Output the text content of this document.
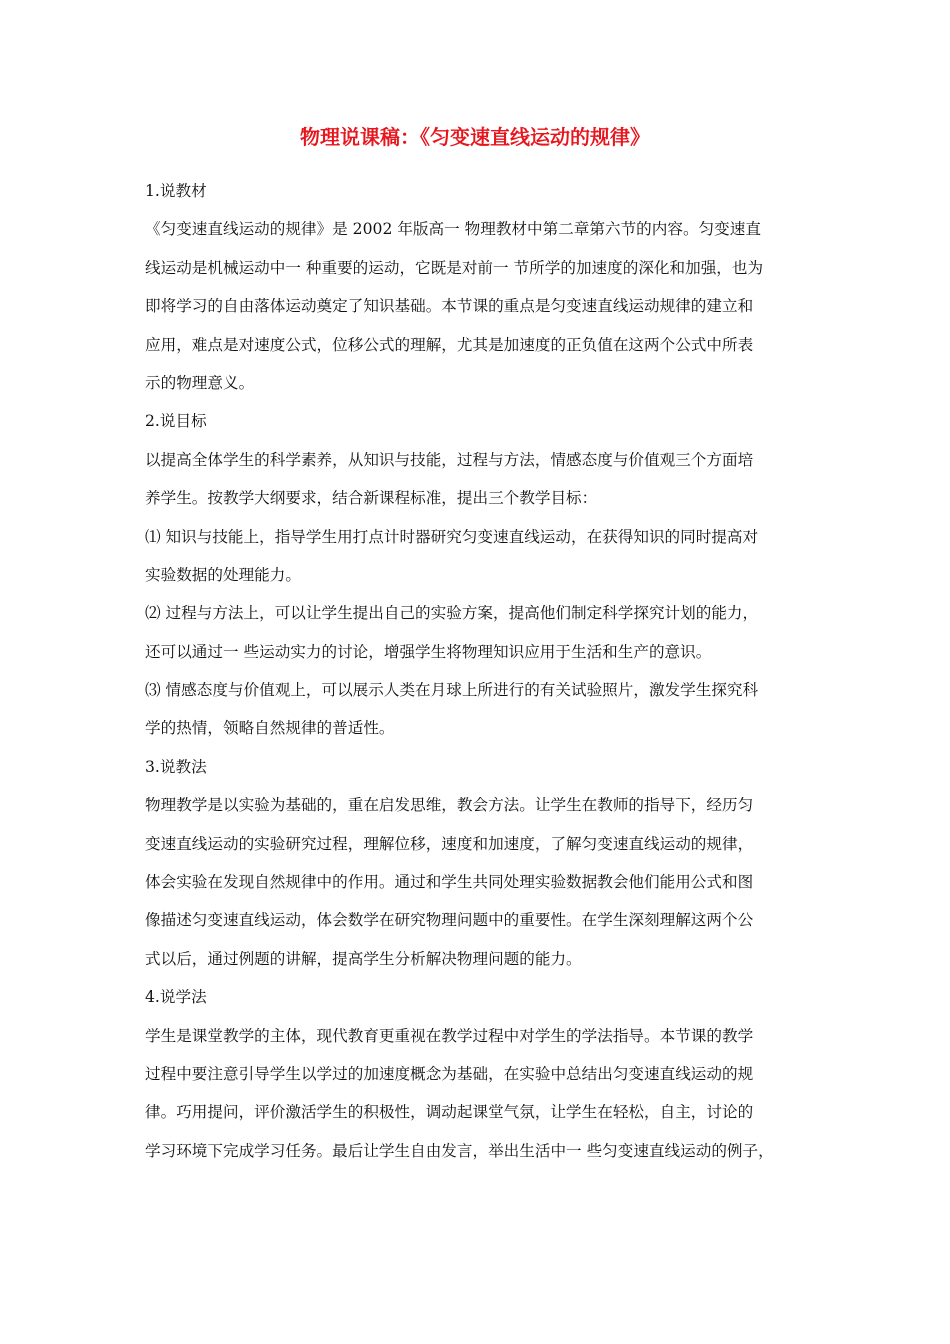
物理说课稿：《匀变速直线运动的规律》
1.说教材
《匀变速直线运动的规律》是 2002 年版高一 物理教材中第二章第六节的内容。匀变速直
线运动是机械运动中一 种重要的运动，它既是对前一 节所学的加速度的深化和加强，也为
即将学习的自由落体运动奠定了知识基础。本节课的重点是匀变速直线运动规律的建立和
应用，难点是对速度公式，位移公式的理解，尤其是加速度的正负值在这两个公式中所表
示的物理意义。
2.说目标
以提高全体学生的科学素养，从知识与技能，过程与方法，情感态度与价值观三个方面培
养学生。按教学大纲要求，结合新课程标准，提出三个教学目标：
⑴ 知识与技能上，指导学生用打点计时器研究匀变速直线运动，在获得知识的同时提高对
实验数据的处理能力。
⑵ 过程与方法上，可以让学生提出自己的实验方案，提高他们制定科学探究计划的能力，
还可以通过一 些运动实力的讨论，增强学生将物理知识应用于生活和生产的意识。
⑶ 情感态度与价值观上，可以展示人类在月球上所进行的有关试验照片，激发学生探究科
学的热情，领略自然规律的普适性。
3.说教法
物理教学是以实验为基础的，重在启发思维，教会方法。让学生在教师的指导下，经历匀
变速直线运动的实验研究过程，理解位移，速度和加速度，了解匀变速直线运动的规律，
体会实验在发现自然规律中的作用。通过和学生共同处理实验数据教会他们能用公式和图
像描述匀变速直线运动，体会数学在研究物理问题中的重要性。在学生深刻理解这两个公
式以后，通过例题的讲解，提高学生分析解决物理问题的能力。
4.说学法
学生是课堂教学的主体，现代教育更重视在教学过程中对学生的学法指导。本节课的教学
过程中要注意引导学生以学过的加速度概念为基础，在实验中总结出匀变速直线运动的规
律。巧用提问，评价激活学生的积极性，调动起课堂气氛，让学生在轻松，自主，讨论的
学习环境下完成学习任务。最后让学生自由发言，举出生活中一 些匀变速直线运动的例子，
